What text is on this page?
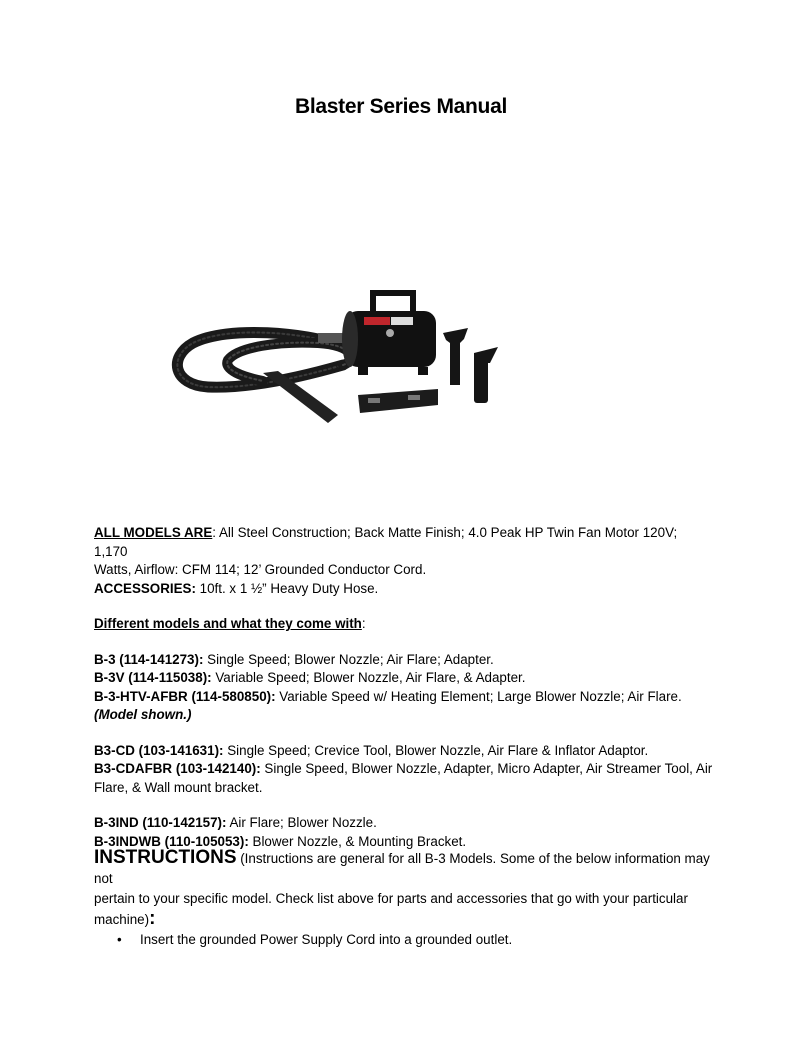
Blaster Series Manual

ALL MODELS ARE: All Steel Construction; Back Matte Finish; 4.0 Peak HP Twin Fan Motor 120V; 1,170

Watts, Airflow: CFM 114; 12’ Grounded Conductor Cord.

ACCESSORIES: 10ft. x 1 ½” Heavy Duty Hose.

Different models and what they come with:

B-3 (114-141273): Single Speed; Blower Nozzle; Air Flare; Adapter.

B-3V (114-115038): Variable Speed; Blower Nozzle, Air Flare, & Adapter.

B-3-HTV-AFBR (114-580850): Variable Speed w/ Heating Element; Large Blower Nozzle; Air Flare.

(Model shown.)

B3-CD (103-141631): Single Speed; Crevice Tool, Blower Nozzle, Air Flare & Inflator Adaptor.

B3-CDAFBR (103-142140): Single Speed, Blower Nozzle, Adapter, Micro Adapter, Air Streamer Tool, Air

Flare, & Wall mount bracket.

B-3IND (110-142157): Air Flare; Blower Nozzle.

B-3INDWB (110-105053): Blower Nozzle, & Mounting Bracket.

INSTRUCTIONS (Instructions are general for all B-3 Models. Some of the below information may not

pertain to your specific model. Check list above for parts and accessories that go with your particular

machine):

• Insert the grounded Power Supply Cord into a grounded outlet.
